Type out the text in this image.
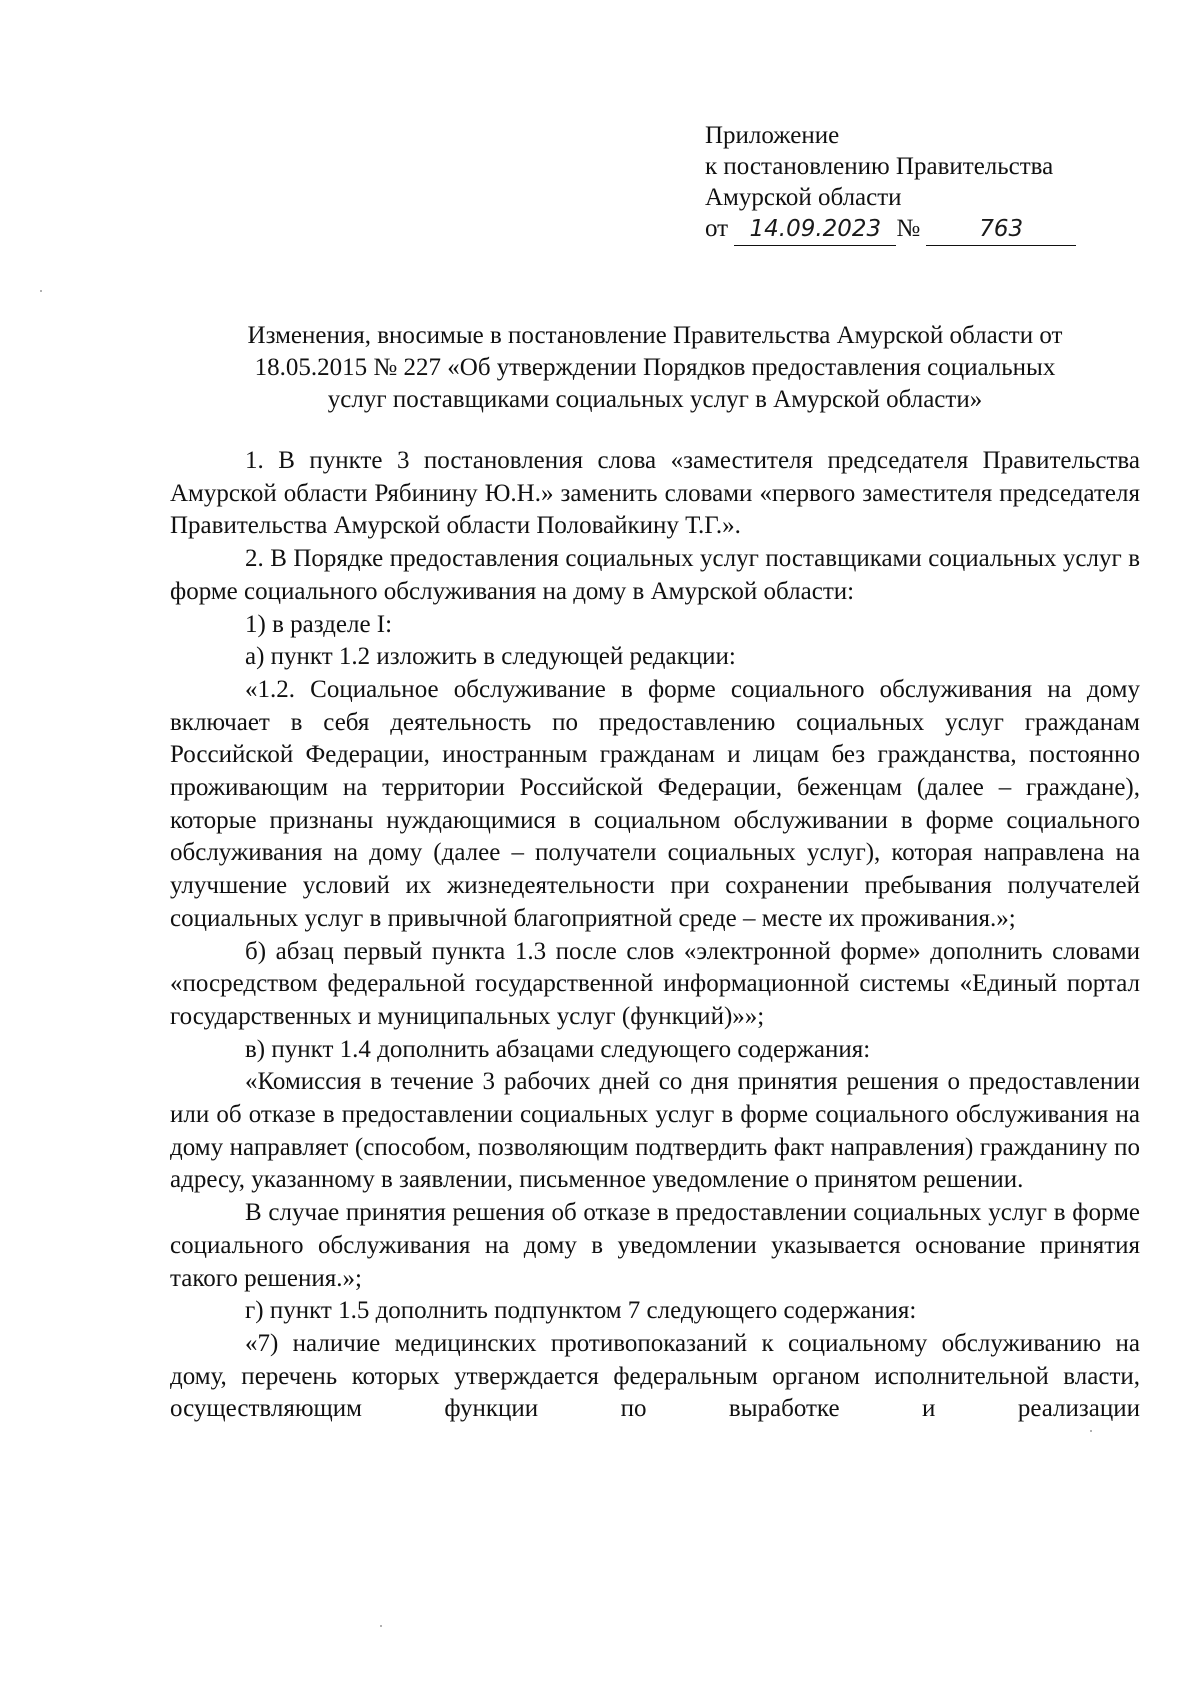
Приложение
к постановлению Правительства
Амурской области
от 14.09.2023 №	763
Изменения, вносимые в постановление Правительства Амурской области от
18.05.2015 № 227 «Об утверждении Порядков предоставления социальных
услуг поставщиками социальных услуг в Амурской области»

1. В пункте 3 постановления слова «заместителя председателя Правительства Амурской области Рябинину Ю.Н.» заменить словами «первого заместителя председателя Правительства Амурской области Половайкину Т.Г.».

2. В Порядке предоставления социальных услуг поставщиками социальных услуг в форме социального обслуживания на дому в Амурской области:

1) в разделе I:

а) пункт 1.2 изложить в следующей редакции:

«1.2. Социальное обслуживание в форме социального обслуживания на дому включает в себя деятельность по предоставлению социальных услуг гражданам Российской Федерации, иностранным гражданам и лицам без гражданства, постоянно проживающим на территории Российской Федерации, беженцам (далее – граждане), которые признаны нуждающимися в социальном обслуживании в форме социального обслуживания на дому (далее – получатели социальных услуг), которая направлена на улучшение условий их жизнедеятельности при сохранении пребывания получателей социальных услуг в привычной благоприятной среде – месте их проживания.»;

б) абзац первый пункта 1.3 после слов «электронной форме» дополнить словами «посредством федеральной государственной информационной системы «Единый портал государственных и муниципальных услуг (функций)»»;

в) пункт 1.4 дополнить абзацами следующего содержания:

«Комиссия в течение 3 рабочих дней со дня принятия решения о предоставлении или об отказе в предоставлении социальных услуг в форме социального обслуживания на дому направляет (способом, позволяющим подтвердить факт направления) гражданину по адресу, указанному в заявлении, письменное уведомление о принятом решении.

В случае принятия решения об отказе в предоставлении социальных услуг в форме социального обслуживания на дому в уведомлении указывается основание принятия такого решения.»;

г) пункт 1.5 дополнить подпунктом 7 следующего содержания:

«7) наличие медицинских противопоказаний к социальному обслуживанию на дому, перечень которых утверждается федеральным органом исполнительной власти, осуществляющим функции по выработке и реализации
